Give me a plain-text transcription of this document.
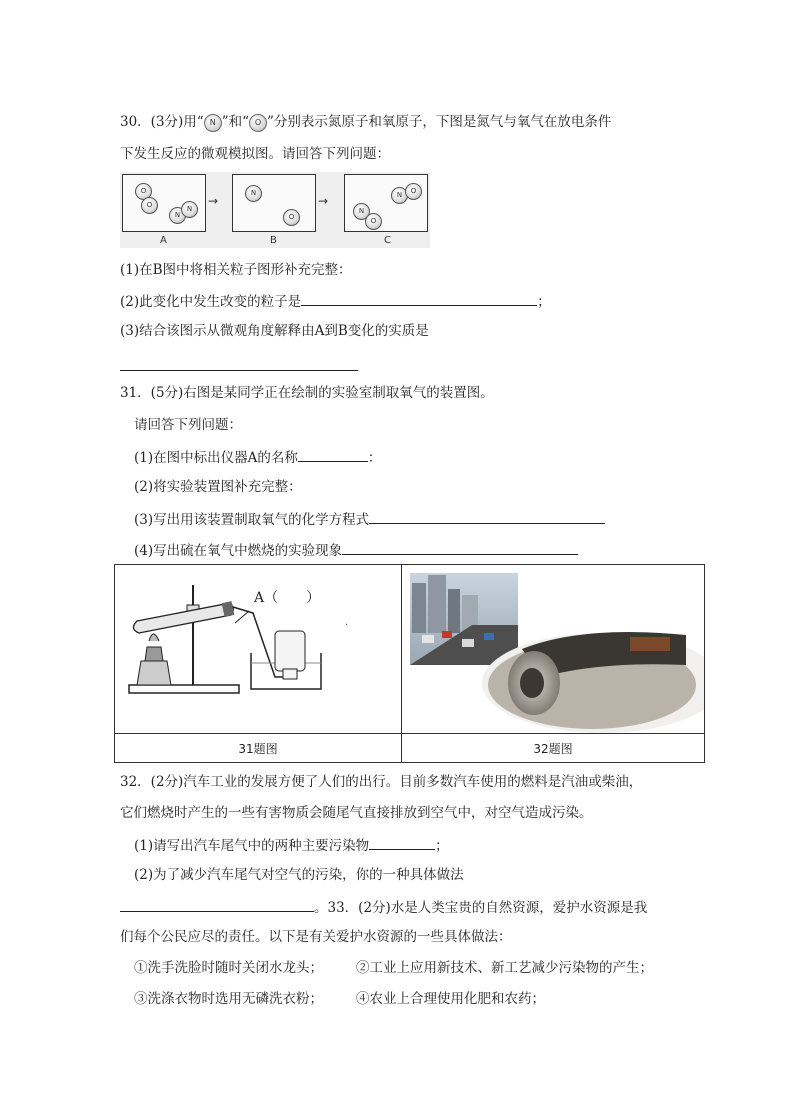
30．(3分)用“ N ”和“ O ”分别表示氮原子和氧原子，下图是氮气与氧气在放电条件
下发生反应的微观模拟图。请回答下列问题：
O
O
N
N
→
N
O
→	N	O
N
O
A	B	C
(1)在B图中将相关粒子图形补充完整：
(2)此变化中发生改变的粒子是	；
(3)结合该图示从微观角度解释由A到B变化的实质是
31．(5分)右图是某同学正在绘制的实验室制取氧气的装置图。
请回答下列问题：
(1)在图中标出仪器A的名称	：
(2)将实验装置图补充完整：
(3)写出用该装置制取氧气的化学方程式
(4)写出硫在氧气中燃烧的实验现象
A（　　）
.

31题图	32题图
32．(2分)汽车工业的发展方便了人们的出行。目前多数汽车使用的燃料是汽油或柴油，
它们燃烧时产生的一些有害物质会随尾气直接排放到空气中，对空气造成污染。
(1)请写出汽车尾气中的两种主要污染物	；
(2)为了减少汽车尾气对空气的污染，你的一种具体做法
。33．(2分)水是人类宝贵的自然资源，爱护水资源是我
们每个公民应尽的责任。以下是有关爱护水资源的一些具体做法：
①洗手洗脸时随时关闭水龙头； ②工业上应用新技术、新工艺减少污染物的产生；
③洗涤衣物时选用无磷洗衣粉； ④农业上合理使用化肥和农药；
